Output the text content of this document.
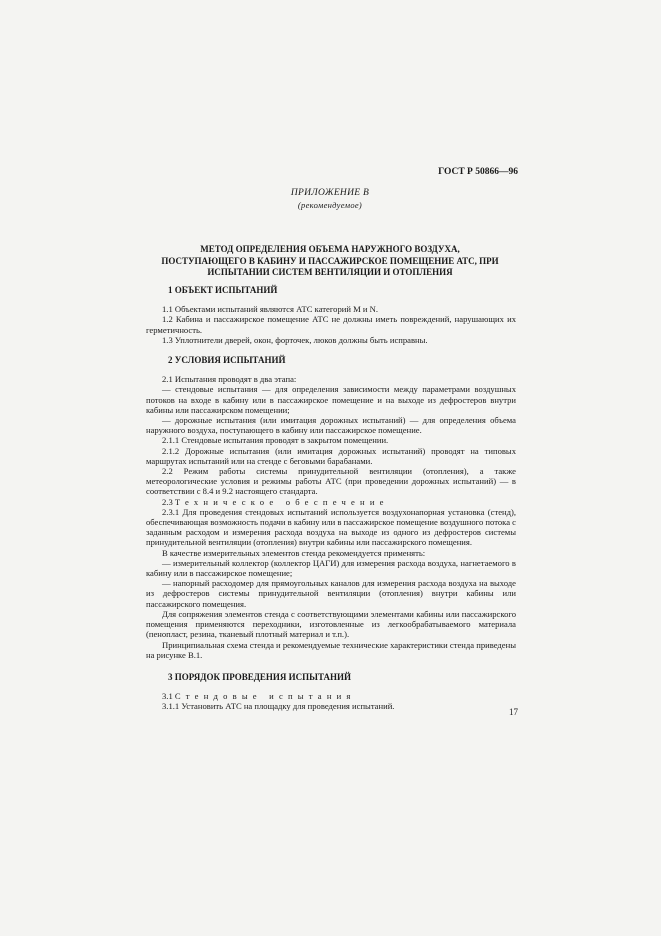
ГОСТ Р 50866—96
ПРИЛОЖЕНИЕ В
(рекомендуемое)
МЕТОД ОПРЕДЕЛЕНИЯ ОБЪЕМА НАРУЖНОГО ВОЗДУХА,
ПОСТУПАЮЩЕГО В КАБИНУ И ПАССАЖИРСКОЕ ПОМЕЩЕНИЕ АТС, ПРИ
ИСПЫТАНИИ СИСТЕМ ВЕНТИЛЯЦИИ И ОТОПЛЕНИЯ
1 ОБЪЕКТ ИСПЫТАНИЙ

1.1 Объектами испытаний являются АТС категорий M и N.

1.2 Кабина и пассажирское помещение АТС не должны иметь повреждений, нарушающих их герметичность.

1.3 Уплотнители дверей, окон, форточек, люков должны быть исправны.

2 УСЛОВИЯ ИСПЫТАНИЙ

2.1 Испытания проводят в два этапа:

— стендовые испытания — для определения зависимости между параметрами воздушных потоков на входе в кабину или в пассажирское помещение и на выходе из дефростеров внутри кабины или пассажирском помещении;

— дорожные испытания (или имитация дорожных испытаний) — для определения объема наружного воздуха, поступающего в кабину или пассажирское помещение.

2.1.1 Стендовые испытания проводят в закрытом помещении.

2.1.2 Дорожные испытания (или имитация дорожных испытаний) проводят на типовых маршрутах испытаний или на стенде с беговыми барабанами.

2.2 Режим работы системы принудительной вентиляции (отопления), а также метеорологические условия и режимы работы АТС (при проведении дорожных испытаний) — в соответствии с 8.4 и 9.2 настоящего стандарта.

2.3 Техническое обеспечение

2.3.1 Для проведения стендовых испытаний используется воздухонапорная установка (стенд), обеспечивающая возможность подачи в кабину или в пассажирское помещение воздушного потока с заданным расходом и измерения расхода воздуха на выходе из одного из дефростеров системы принудительной вентиляции (отопления) внутри кабины или пассажирского помещения.

В качестве измерительных элементов стенда рекомендуется применять:

— измерительный коллектор (коллектор ЦАГИ) для измерения расхода воздуха, нагнетаемого в кабину или в пассажирское помещение;

— напорный расходомер для прямоугольных каналов для измерения расхода воздуха на выходе из дефростеров системы принудительной вентиляции (отопления) внутри кабины или пассажирского помещения.

Для сопряжения элементов стенда с соответствующими элементами кабины или пассажирского помещения применяются переходники, изготовленные из легкообрабатываемого материала (пенопласт, резина, тканевый плотный материал и т.п.).

Принципиальная схема стенда и рекомендуемые технические характеристики стенда приведены на рисунке В.1.

3 ПОРЯДОК ПРОВЕДЕНИЯ ИСПЫТАНИЙ

3.1 Стендовые испытания

3.1.1 Установить АТС на площадку для проведения испытаний.

17
